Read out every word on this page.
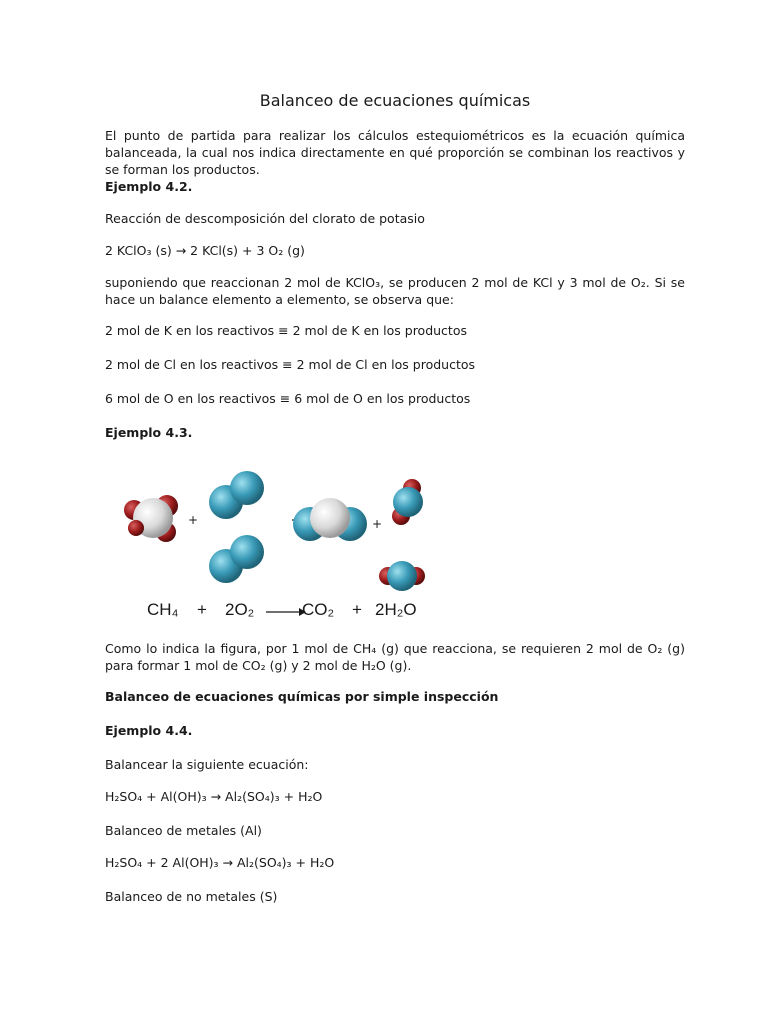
Balanceo de ecuaciones químicas

El punto de partida para realizar los cálculos estequiométricos es la ecuación química balanceada, la cual nos indica directamente en qué proporción se combinan los reactivos y se forman los productos.

Ejemplo 4.2.

Reacción de descomposición del clorato de potasio

2 KClO₃ (s) → 2 KCl(s) + 3 O₂ (g)

suponiendo que reaccionan 2 mol de KClO₃, se producen 2 mol de KCl y 3 mol de O₂. Si se hace un balance elemento a elemento, se observa que:

2 mol de K en los reactivos ≡ 2 mol de K en los productos

2 mol de Cl en los reactivos ≡ 2 mol de Cl en los productos

6 mol de O en los reactivos ≡ 6 mol de O en los productos

Ejemplo 4.3.

+	+
CH₄ + 2O₂	CO₂ + 2H₂O

Como lo indica la figura, por 1 mol de CH₄ (g) que reacciona, se requieren 2 mol de O₂ (g) para formar 1 mol de CO₂ (g) y 2 mol de H₂O (g).

Balanceo de ecuaciones químicas por simple inspección

Ejemplo 4.4.

Balancear la siguiente ecuación:

H₂SO₄ + Al(OH)₃ → Al₂(SO₄)₃ + H₂O

Balanceo de metales (Al)

H₂SO₄ + 2 Al(OH)₃ → Al₂(SO₄)₃ + H₂O

Balanceo de no metales (S)
